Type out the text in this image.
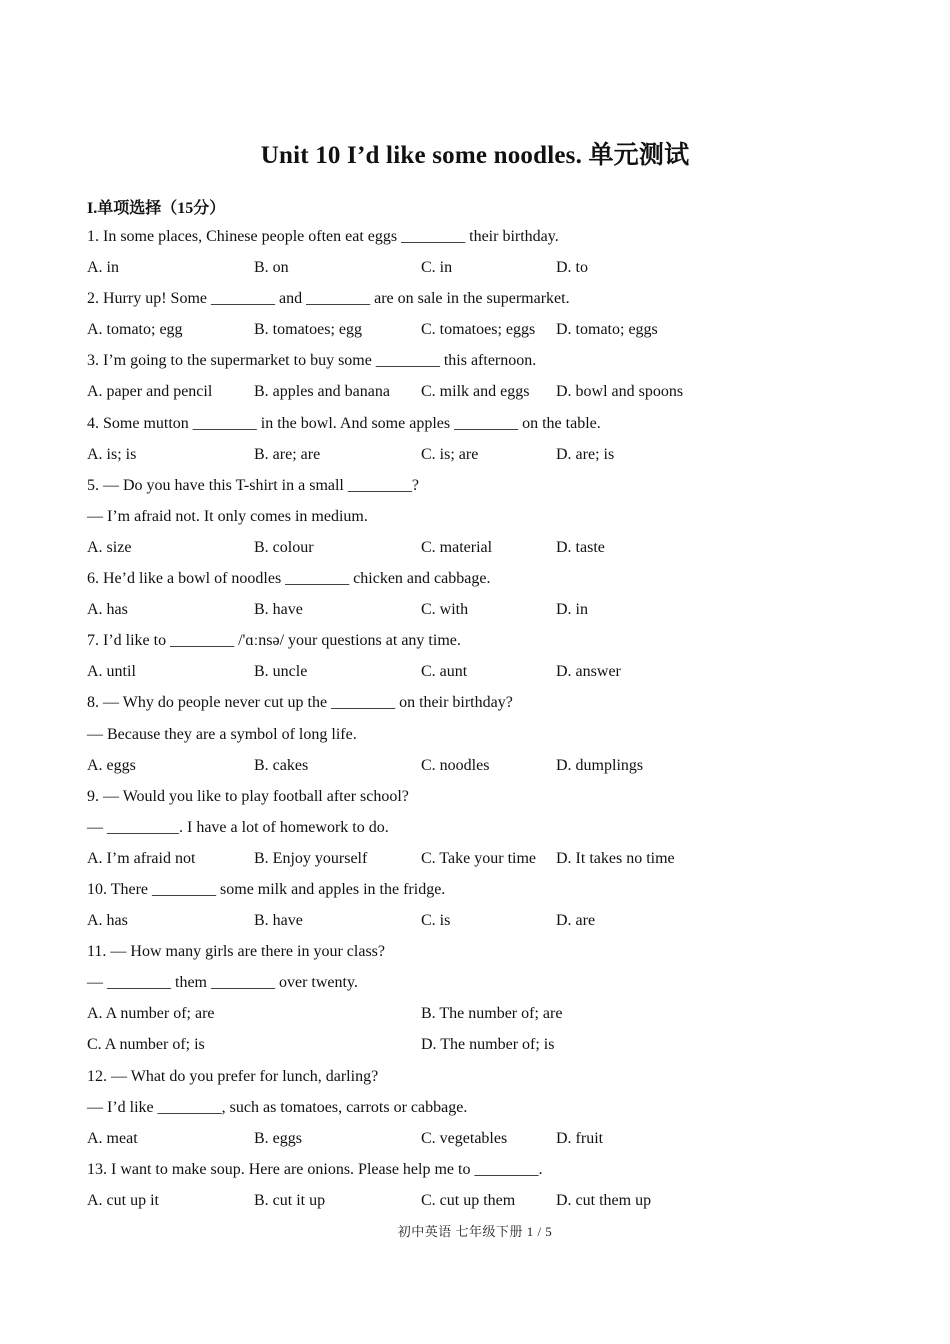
Unit 10 I’d like some noodles. 单元测试
I.单项选择（15分）
1. In some places, Chinese people often eat eggs ________ their birthday.
A. in	B. on	C. in	D. to
2. Hurry up! Some ________ and ________ are on sale in the supermarket.
A. tomato; egg	B. tomatoes; egg	C. tomatoes; eggs D. tomato; eggs
3. I’m going to the supermarket to buy some ________ this afternoon.
A. paper and pencil	B. apples and banana C. milk and eggs D. bowl and spoons
4. Some mutton ________ in the bowl. And some apples ________ on the table.
A. is; is	B. are; are	C. is; are	D. are; is
5. — Do you have this T-shirt in a small ________?
— I’m afraid not. It only comes in medium.
A. size	B. colour	C. material	D. taste
6. He’d like a bowl of noodles ________ chicken and cabbage.
A. has	B. have	C. with	D. in
7. I’d like to ________ /'ɑːnsə/ your questions at any time.
A. until	B. uncle	C. aunt	D. answer
8. — Why do people never cut up the ________ on their birthday?
— Because they are a symbol of long life.
A. eggs	B. cakes	C. noodles	D. dumplings
9. — Would you like to play football after school?
— _________. I have a lot of homework to do.
A. I’m afraid not	B. Enjoy yourself	C. Take your time D. It takes no time
10. There ________ some milk and apples in the fridge.
A. has	B. have	C. is	D. are
11. — How many girls are there in your class?
— ________ them ________ over twenty.
A. A number of; are	B. The number of; are
C. A number of; is	D. The number of; is
12. — What do you prefer for lunch, darling?
— I’d like ________, such as tomatoes, carrots or cabbage.
A. meat	B. eggs	C. vegetables	D. fruit
13. I want to make soup. Here are onions. Please help me to ________.
A. cut up it	B. cut it up	C. cut up them	D. cut them up
初中英语 七年级下册 1 / 5
